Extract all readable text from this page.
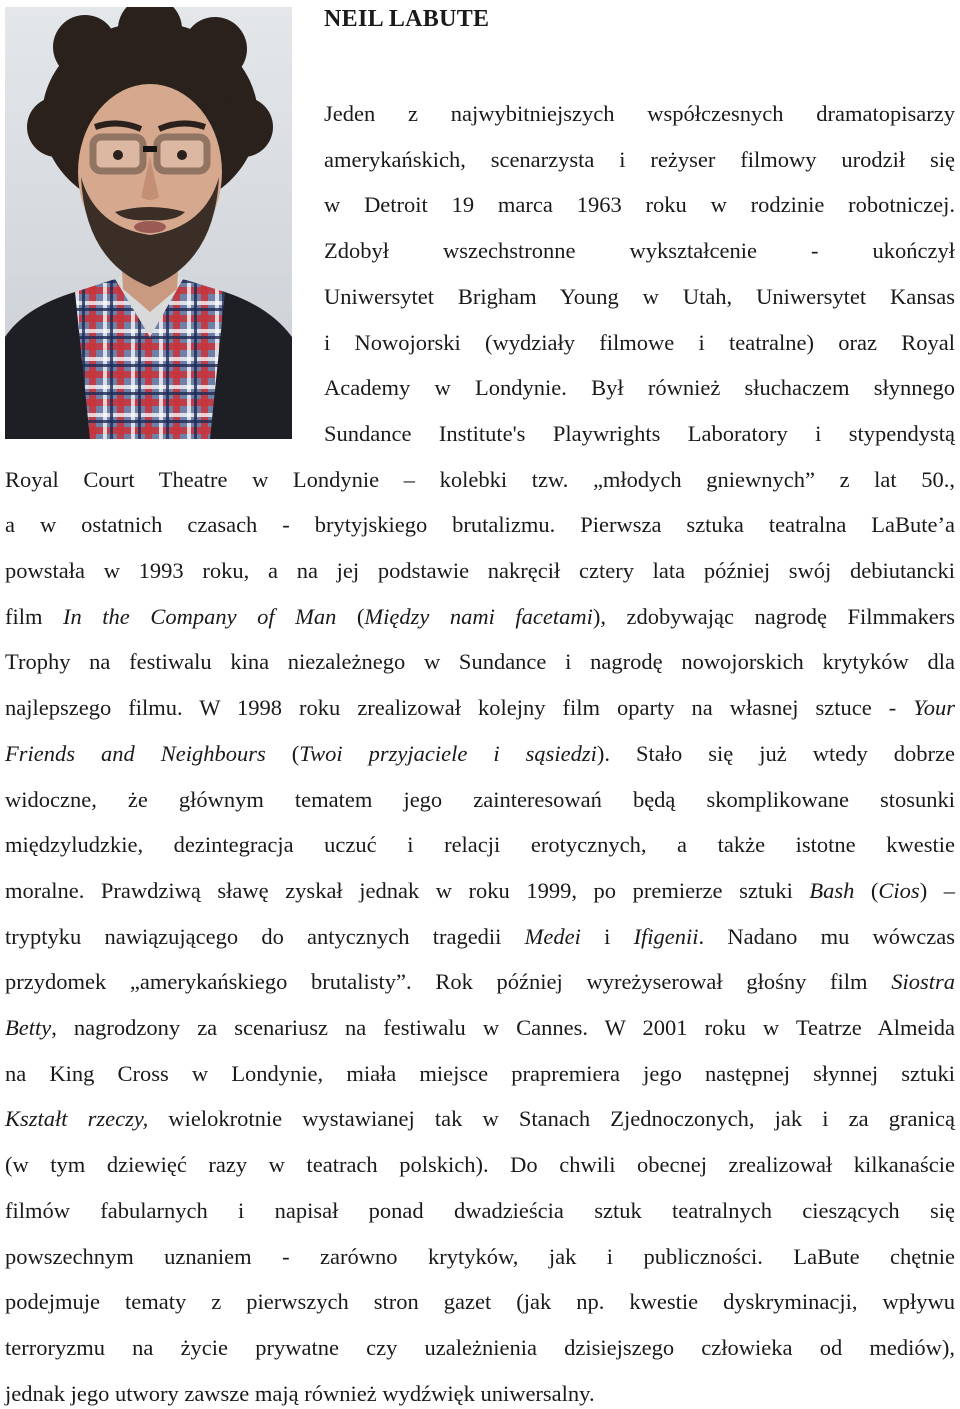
NEIL LABUTE
Jeden z najwybitniejszych współczesnych dramatopisarzy
amerykańskich, scenarzysta i reżyser filmowy urodził się
w Detroit 19 marca 1963 roku w rodzinie robotniczej.
Zdobył wszechstronne wykształcenie - ukończył
Uniwersytet Brigham Young w Utah, Uniwersytet Kansas
i Nowojorski (wydziały filmowe i teatralne) oraz Royal
Academy w Londynie. Był również słuchaczem słynnego
Sundance Institute's Playwrights Laboratory i stypendystą
Royal Court Theatre w Londynie – kolebki tzw. „młodych gniewnych” z lat 50.,
a w ostatnich czasach - brytyjskiego brutalizmu. Pierwsza sztuka teatralna LaBute’a
powstała w 1993 roku, a na jej podstawie nakręcił cztery lata później swój debiutancki
film In the Company of Man (Między nami facetami), zdobywając nagrodę Filmmakers
Trophy na festiwalu kina niezależnego w Sundance i nagrodę nowojorskich krytyków dla
najlepszego filmu. W 1998 roku zrealizował kolejny film oparty na własnej sztuce - Your
Friends and Neighbours (Twoi przyjaciele i sąsiedzi). Stało się już wtedy dobrze
widoczne, że głównym tematem jego zainteresowań będą skomplikowane stosunki
międzyludzkie, dezintegracja uczuć i relacji erotycznych, a także istotne kwestie
moralne. Prawdziwą sławę zyskał jednak w roku 1999, po premierze sztuki Bash (Cios) –
tryptyku nawiązującego do antycznych tragedii Medei i Ifigenii. Nadano mu wówczas
przydomek „amerykańskiego brutalisty”. Rok później wyreżyserował głośny film Siostra
Betty, nagrodzony za scenariusz na festiwalu w Cannes. W 2001 roku w Teatrze Almeida
na King Cross w Londynie, miała miejsce prapremiera jego następnej słynnej sztuki
Kształt rzeczy, wielokrotnie wystawianej tak w Stanach Zjednoczonych, jak i za granicą
(w tym dziewięć razy w teatrach polskich). Do chwili obecnej zrealizował kilkanaście
filmów fabularnych i napisał ponad dwadzieścia sztuk teatralnych cieszących się
powszechnym uznaniem - zarówno krytyków, jak i publiczności. LaBute chętnie
podejmuje tematy z pierwszych stron gazet (jak np. kwestie dyskryminacji, wpływu
terroryzmu na życie prywatne czy uzależnienia dzisiejszego człowieka od mediów),
jednak jego utwory zawsze mają również wydźwięk uniwersalny.
